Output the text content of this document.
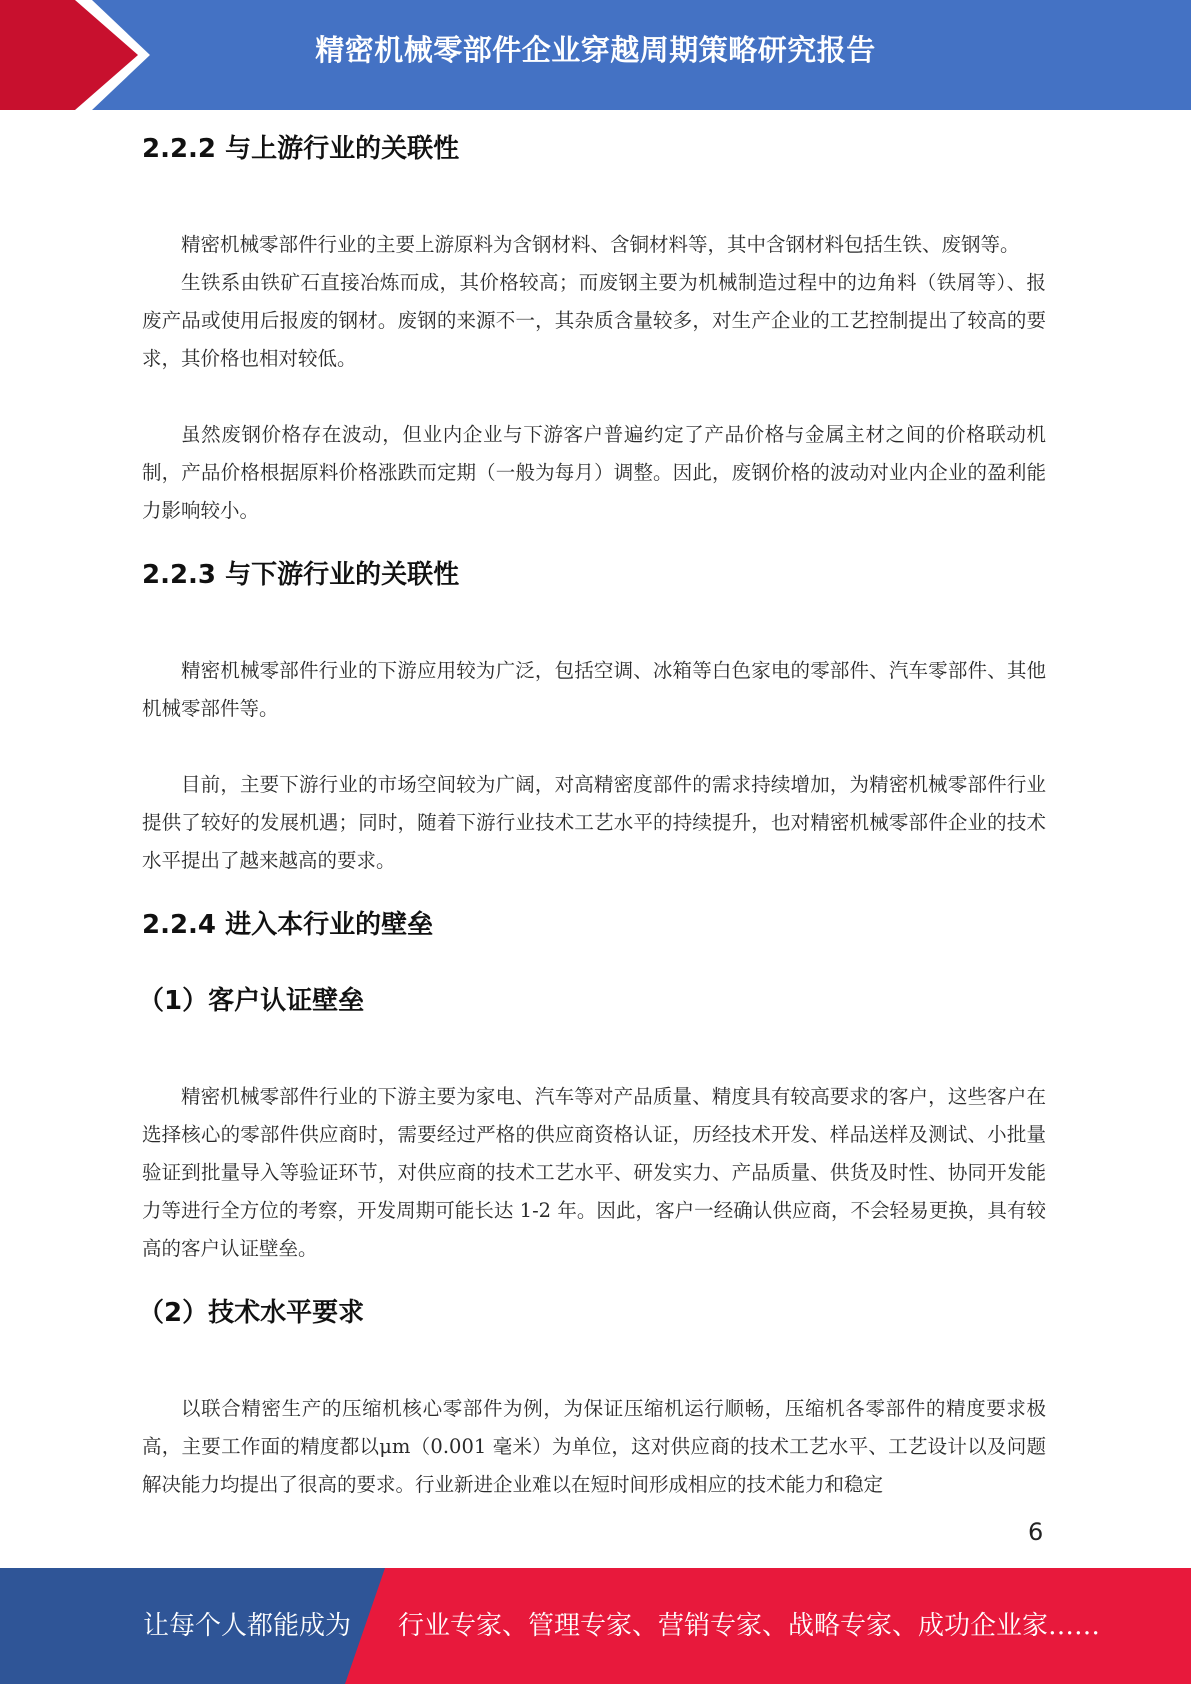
精密机械零部件企业穿越周期策略研究报告
2.2.2 与上游行业的关联性

精密机械零部件行业的主要上游原料为含钢材料、含铜材料等，其中含钢材料包括生铁、废钢等。

生铁系由铁矿石直接冶炼而成，其价格较高；而废钢主要为机械制造过程中的边角料（铁屑等）、报废产品或使用后报废的钢材。废钢的来源不一，其杂质含量较多，对生产企业的工艺控制提出了较高的要求，其价格也相对较低。

虽然废钢价格存在波动，但业内企业与下游客户普遍约定了产品价格与金属主材之间的价格联动机制，产品价格根据原料价格涨跌而定期（一般为每月）调整。因此，废钢价格的波动对业内企业的盈利能力影响较小。

2.2.3 与下游行业的关联性

精密机械零部件行业的下游应用较为广泛，包括空调、冰箱等白色家电的零部件、汽车零部件、其他机械零部件等。

目前，主要下游行业的市场空间较为广阔，对高精密度部件的需求持续增加，为精密机械零部件行业提供了较好的发展机遇；同时，随着下游行业技术工艺水平的持续提升，也对精密机械零部件企业的技术水平提出了越来越高的要求。

2.2.4 进入本行业的壁垒
（1）客户认证壁垒

精密机械零部件行业的下游主要为家电、汽车等对产品质量、精度具有较高要求的客户，这些客户在选择核心的零部件供应商时，需要经过严格的供应商资格认证，历经技术开发、样品送样及测试、小批量验证到批量导入等验证环节，对供应商的技术工艺水平、研发实力、产品质量、供货及时性、协同开发能力等进行全方位的考察，开发周期可能长达 1-2 年。因此，客户一经确认供应商，不会轻易更换，具有较高的客户认证壁垒。

（2）技术水平要求

以联合精密生产的压缩机核心零部件为例，为保证压缩机运行顺畅，压缩机各零部件的精度要求极高，主要工作面的精度都以μm（0.001 毫米）为单位，这对供应商的技术工艺水平、工艺设计以及问题解决能力均提出了很高的要求。行业新进企业难以在短时间形成相应的技术能力和稳定

6
让每个人都能成为 行业专家、管理专家、营销专家、战略专家、成功企业家……
